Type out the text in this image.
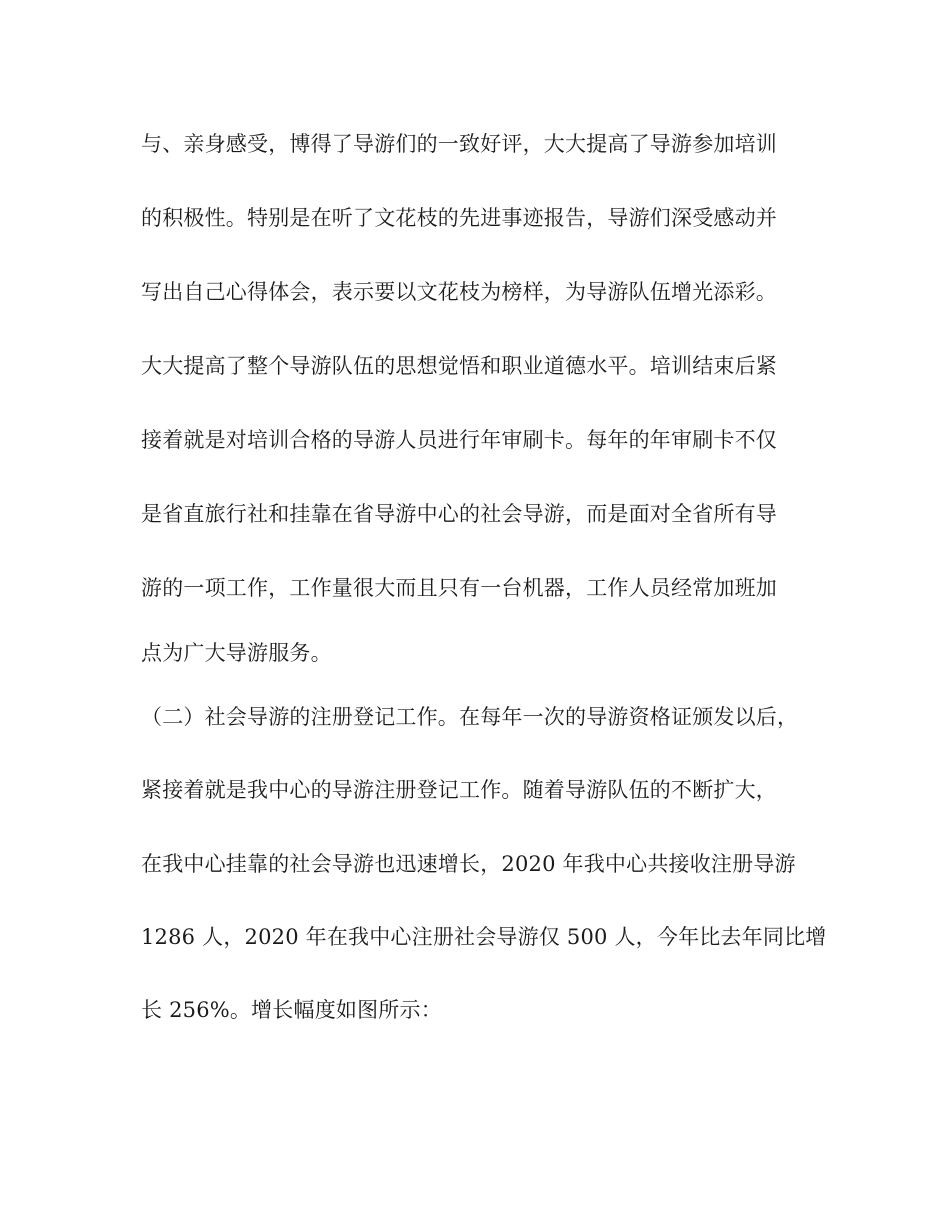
与、亲身感受，博得了导游们的一致好评，大大提高了导游参加培训
的积极性。特别是在听了文花枝的先进事迹报告，导游们深受感动并
写出自己心得体会，表示要以文花枝为榜样，为导游队伍增光添彩。
大大提高了整个导游队伍的思想觉悟和职业道德水平。培训结束后紧
接着就是对培训合格的导游人员进行年审刷卡。每年的年审刷卡不仅
是省直旅行社和挂靠在省导游中心的社会导游，而是面对全省所有导
游的一项工作，工作量很大而且只有一台机器，工作人员经常加班加
点为广大导游服务。
（二）社会导游的注册登记工作。在每年一次的导游资格证颁发以后，
紧接着就是我中心的导游注册登记工作。随着导游队伍的不断扩大，
在我中心挂靠的社会导游也迅速增长，2020 年我中心共接收注册导游
1286 人，2020 年在我中心注册社会导游仅 500 人，今年比去年同比增
长 256%。增长幅度如图所示：
